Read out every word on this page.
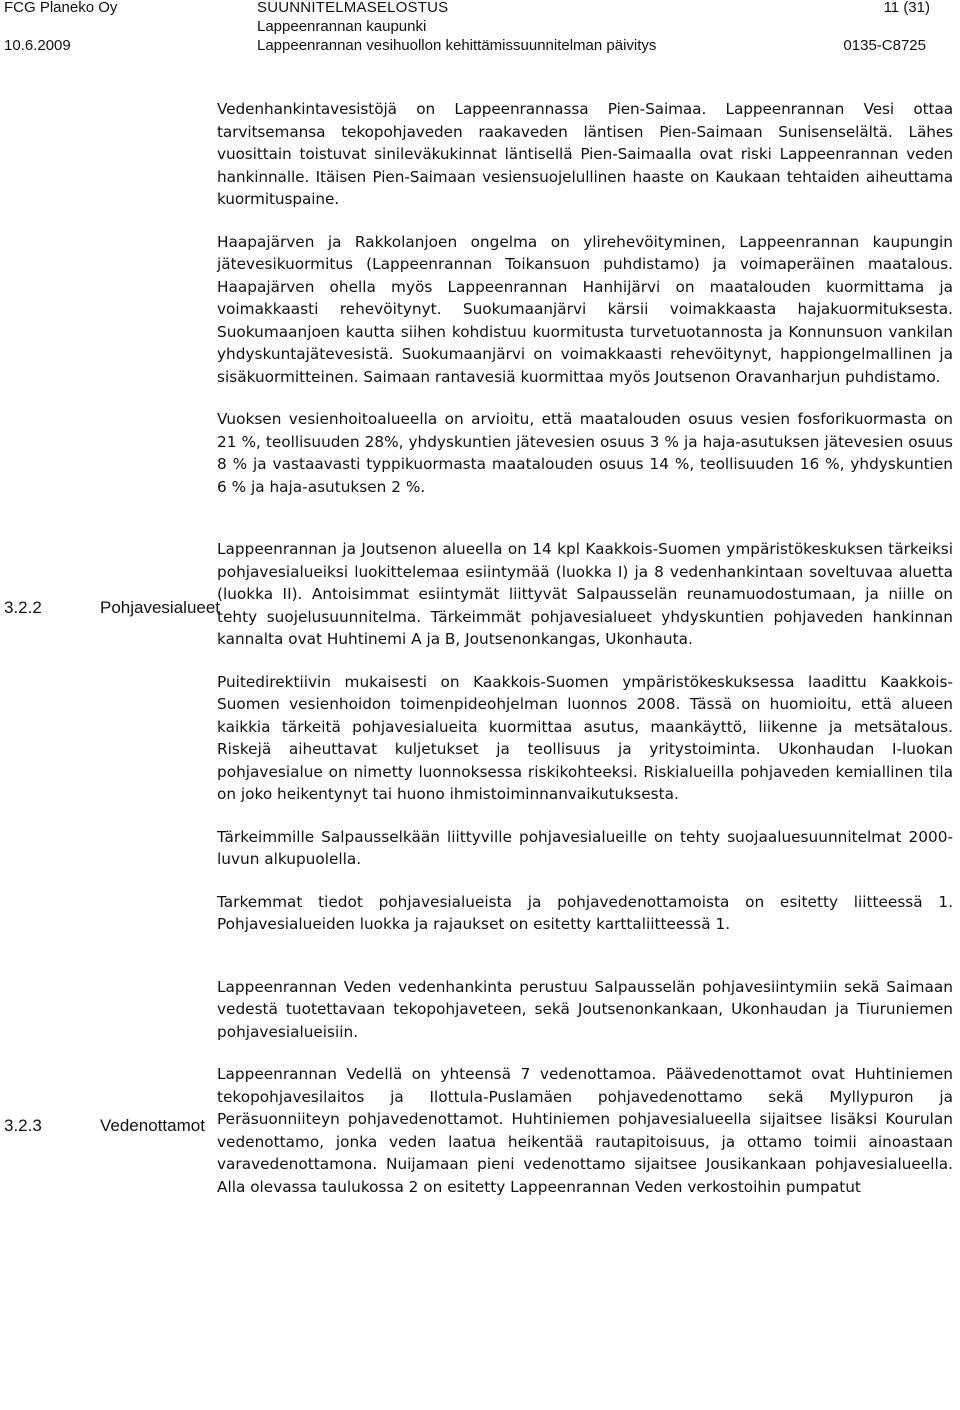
FCG Planeko Oy
10.6.2009
SUUNNITELMASELOSTUS
Lappeenrannan kaupunki
Lappeenrannan vesihuollon kehittämissuunnitelman päivitys
11 (31)
0135-C8725
3.2.2	Pohjavesialueet
3.2.3	Vedenottamot

Vedenhankintavesistöjä on Lappeenrannassa Pien-Saimaa. Lappeenrannan Vesi ottaa tarvitsemansa tekopohjaveden raakaveden läntisen Pien-Saimaan Sunisenselältä. Lähes vuosittain toistuvat sinileväkukinnat läntisellä Pien-Saimaalla ovat riski Lappeenrannan veden hankinnalle. Itäisen Pien-Saimaan vesiensuojelullinen haaste on Kaukaan tehtaiden aiheuttama kuormituspaine.

Haapajärven ja Rakkolanjoen ongelma on ylirehevöityminen, Lappeenrannan kaupungin jätevesikuormitus (Lappeenrannan Toikansuon puhdistamo) ja voimaperäinen maatalous. Haapajärven ohella myös Lappeenrannan Hanhijärvi on maatalouden kuormittama ja voimakkaasti rehevöitynyt. Suokumaanjärvi kärsii voimakkaasta hajakuormituksesta. Suokumaanjoen kautta siihen kohdistuu kuormitusta turvetuotannosta ja Konnunsuon vankilan yhdyskuntajätevesistä. Suokumaanjärvi on voimakkaasti rehevöitynyt, happiongelmallinen ja sisäkuormitteinen. Saimaan rantavesiä kuormittaa myös Joutsenon Oravanharjun puhdistamo.

Vuoksen vesienhoitoalueella on arvioitu, että maatalouden osuus vesien fosforikuormasta on 21 %, teollisuuden 28%, yhdyskuntien jätevesien osuus 3 % ja haja-asutuksen jätevesien osuus 8 % ja vastaavasti typpikuormasta maatalouden osuus 14 %, teollisuuden 16 %, yhdyskuntien 6 % ja haja-asutuksen 2 %.

Lappeenrannan ja Joutsenon alueella on 14 kpl Kaakkois-Suomen ympäristökeskuksen tärkeiksi pohjavesialueiksi luokittelemaa esiintymää (luokka I) ja 8 vedenhankintaan soveltuvaa aluetta (luokka II). Antoisimmat esiintymät liittyvät Salpausselän reunamuodostumaan, ja niille on tehty suojelusuunnitelma. Tärkeimmät pohjavesialueet yhdyskuntien pohjaveden hankinnan kannalta ovat Huhtinemi A ja B, Joutsenonkangas, Ukonhauta.

Puitedirektiivin mukaisesti on Kaakkois-Suomen ympäristökeskuksessa laadittu Kaakkois-Suomen vesienhoidon toimenpideohjelman luonnos 2008. Tässä on huomioitu, että alueen kaikkia tärkeitä pohjavesialueita kuormittaa asutus, maankäyttö, liikenne ja metsätalous. Riskejä aiheuttavat kuljetukset ja teollisuus ja yritystoiminta. Ukonhaudan I-luokan pohjavesialue on nimetty luonnoksessa riskikohteeksi. Riskialueilla pohjaveden kemiallinen tila on joko heikentynyt tai huono ihmistoiminnanvaikutuksesta.

Tärkeimmille Salpausselkään liittyville pohjavesialueille on tehty suojaaluesuunnitelmat 2000-luvun alkupuolella.

Tarkemmat tiedot pohjavesialueista ja pohjavedenottamoista on esitetty liitteessä 1. Pohjavesialueiden luokka ja rajaukset on esitetty karttaliitteessä 1.

Lappeenrannan Veden vedenhankinta perustuu Salpausselän pohjavesiintymiin sekä Saimaan vedestä tuotettavaan tekopohjaveteen, sekä Joutsenonkankaan, Ukonhaudan ja Tiuruniemen pohjavesialueisiin.

Lappeenrannan Vedellä on yhteensä 7 vedenottamoa. Päävedenottamot ovat Huhtiniemen tekopohjavesilaitos ja Ilottula-Puslamäen pohjavedenottamo sekä Myllypuron ja Peräsuonniiteyn pohjavedenottamot. Huhtiniemen pohjavesialueella sijaitsee lisäksi Kourulan vedenottamo, jonka veden laatua heikentää rautapitoisuus, ja ottamo toimii ainoastaan varavedenottamona. Nuijamaan pieni vedenottamo sijaitsee Jousikankaan pohjavesialueella. Alla olevassa taulukossa 2 on esitetty Lappeenrannan Veden verkostoihin pumpatut
